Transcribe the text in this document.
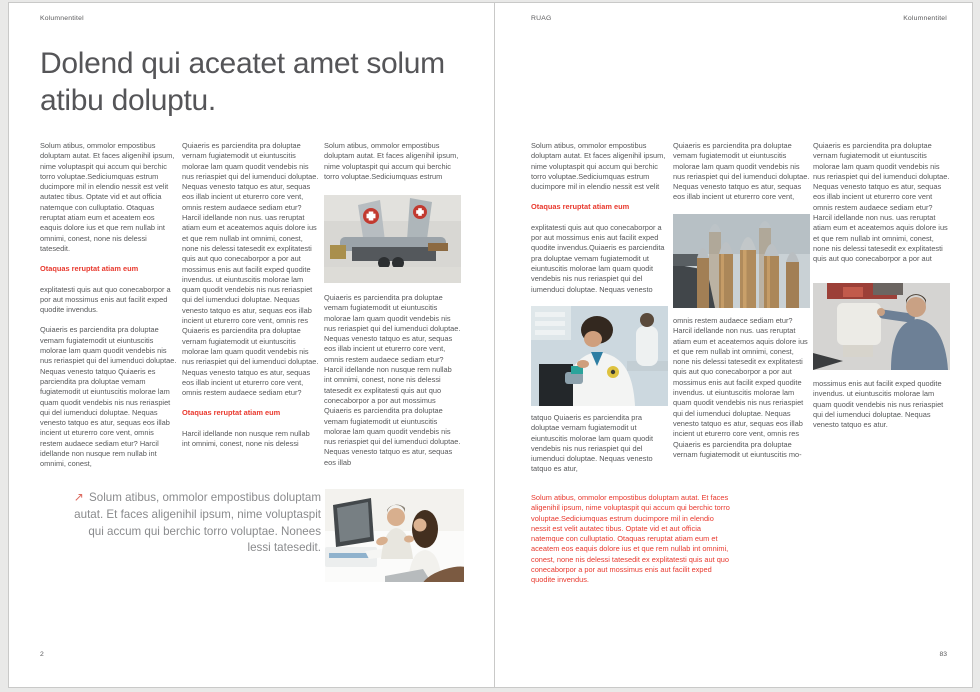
Kolumnentitel
Dolend qui aceatet amet solum atibu doluptu.

Solum atibus, ommolor empostibus doluptam autat. Et faces aligenihil ipsum, nime voluptaspit qui accum qui berchic torro voluptae.Sediciumquas estrum ducimpore mil in elendio nessit est velit autatec tibus. Optate vid et aut officia natemque con culluptatio. Otaquas reruptat atiam eum et aceatem eos eaquis dolore ius et que rem nullab int omnimi, conest, none nis delessi tatesedit.

Otaquas reruptat atiam eum

explitatesti quis aut quo conecaborpor a por aut mossimus enis aut facilit exped quodite invendus.

Quiaeris es parciendita pra doluptae vemam fugiatemodit ut eiuntuscitis molorae lam quam quodit vendebis nis nus reriaspiet qui del iumenduci doluptae. Nequas venesto tatquo Quiaeris es parciendita pra doluptae vemam fugiatemodit ut eiuntuscitis molorae lam quam quodit vendebis nis nus reriaspiet qui del iumenduci doluptae. Nequas venesto tatquo es atur, sequas eos illab incient ut eturerro core vent, omnis restem audaece sediam etur? Harcil idellande non nusque rem nullab int omnimi, conest,

Quiaeris es parciendita pra doluptae vernam fugiatemodit ut eiuntuscitis molorae lam quam quodit vendebis nis nus reriaspiet qui del iumenduci doluptae. Nequas venesto tatquo es atur, sequas eos illab incient ut eturerro core vent, omnis restem audaece sediam etur? Harcil idellande non nus. uas reruptat atiam eum et aceatemos aquis dolore ius et que rem nullab int omnimi, conest, none nis delessi tatesedit ex explitatesti quis aut quo conecaborpor a por aut mossimus enis aut facilit exped quodite invendus. ut eiuntuscitis molorae lam quam quodit vendebis nis nus reriaspiet qui del iumenduci doluptae. Nequas venesto tatquo es atur, sequas eos illab incient ut eturerro core vent, omnis res Quiaeris es parciendita pra doluptae vernam fugiatemodit ut eiuntuscitis molorae lam quam quodit vendebis nis nus reriaspiet qui del iumenduci doluptae. Nequas venesto tatquo es atur, sequas eos illab incient ut eturerro core vent, omnis restem audaece sediam etur?

Otaquas reruptat atiam eum

Harcil idellande non nusque rem nullab int omnimi, conest, none nis delessi

Solum atibus, ommolor empostibus doluptam autat. Et faces aligenihil ipsum, nime voluptaspit qui accum qui berchic torro voluptae.Sediciumquas estrum

Quiaeris es parciendita pra doluptae vemam fugiatemodit ut eiuntuscitis molorae lam quam quodit vendebis nis nus reriaspiet qui del iumenduci doluptae. Nequas venesto tatquo es atur, sequas eos illab incient ut eturerro core vent, omnis restem audaece sediam etur? Harcil idellande non nusque rem nullab int omnimi, conest, none nis delessi tatesedit ex explitatesti quis aut quo conecaborpor a por aut mossimus Quiaeris es parciendita pra doluptae vemam fugiatemodit ut eiuntuscitis molorae lam quam quodit vendebis nis nus reriaspiet qui del iumenduci doluptae. Nequas venesto tatquo es atur, sequas eos illab

↗ Solum atibus, ommolor empostibus doluptam autat. Et faces aligenihil ipsum, nime voluptaspit qui accum qui berchic torro voluptae. Nonees lessi tatesedit.
2
RUAG	Kolumnentitel

Solum atibus, ommolor empostibus doluptam autat. Et faces aligenihil ipsum, nime voluptaspit qui accum qui berchic torro voluptae.Sediciumquas estrum ducimpore mil in elendio nessit est velit

Otaquas reruptat atiam eum

explitatesti quis aut quo conecaborpor a por aut mossimus enis aut facilit exped quodite invendus.Quiaeris es parciendita pra doluptae vemam fugiatemodit ut eiuntuscitis molorae lam quam quodit vendebis nis nus reriaspiet qui del iumenduci doluptae. Nequas venesto

tatquo Quiaeris es parciendita pra doluptae vernam fugiatemodit ut eiuntuscitis molorae lam quam quodit vendebis nis nus reriaspiet qui del iumenduci doluptae. Nequas venesto tatquo es atur,

Solum atibus, ommolor empostibus doluptam autat. Et faces aligenihil ipsum, nime voluptaspit qui accum qui berchic torro voluptae.Sediciumquas estrum ducimpore mil in elendio nessit est velit autatec tibus. Optate vid et aut officia natemque con culluptatio. Otaquas reruptat atiam eum et aceatem eos eaquis dolore ius et que rem nullab int omnimi, conest, none nis delessi tatesedit ex explitatesti quis aut quo conecaborpor a por aut mossimus enis aut facilit exped quodite invendus.

Quiaeris es parciendita pra doluptae vemam fugiatemodit ut eiuntuscitis molorae lam quam quodit vendebis nis nus reriaspiet qui del iumenduci doluptae. Nequas venesto tatquo es atur, sequas eos illab incient ut eturerro core vent,

omnis restem audaece sediam etur? Harcil idellande non nus. uas reruptat atiam eum et aceatemos aquis dolore ius et que rem nullab int omnimi, conest, none nis delessi tatesedit ex explitatesti quis aut quo conecaborpor a por aut mossimus enis aut facilit exped quodite invendus. ut eiuntuscitis molorae lam quam quodit vendebis nis nus reriaspiet qui del iumenduci doluptae. Nequas venesto tatquo es atur, sequas eos illab incient ut eturerro core vent, omnis res Quiaeris es parciendita pra doluptae vernam fugiatemodit ut eiuntuscitis mo-

Quiaeris es parciendita pra doluptae vernam fugiatemodit ut eiuntuscitis molorae lam quam quodit vendebis nis nus reriaspiet qui del iumenduci doluptae. Nequas venesto tatquo es atur, sequas eos illab incient ut eturerro core vent omnis restem audaece sediam etur? Harcil idellande non nus. uas reruptat atiam eum et aceatemos aquis dolore ius et que rem nullab int omnimi, conest, none nis delessi tatesedit ex explitatesti quis aut quo conecaborpor a por aut

mossimus enis aut facilit exped quodite invendus. ut eiuntuscitis molorae lam quam quodit vendebis nis nus reriaspiet qui del iumenduci doluptae. Nequas venesto tatquo es atur.

83
